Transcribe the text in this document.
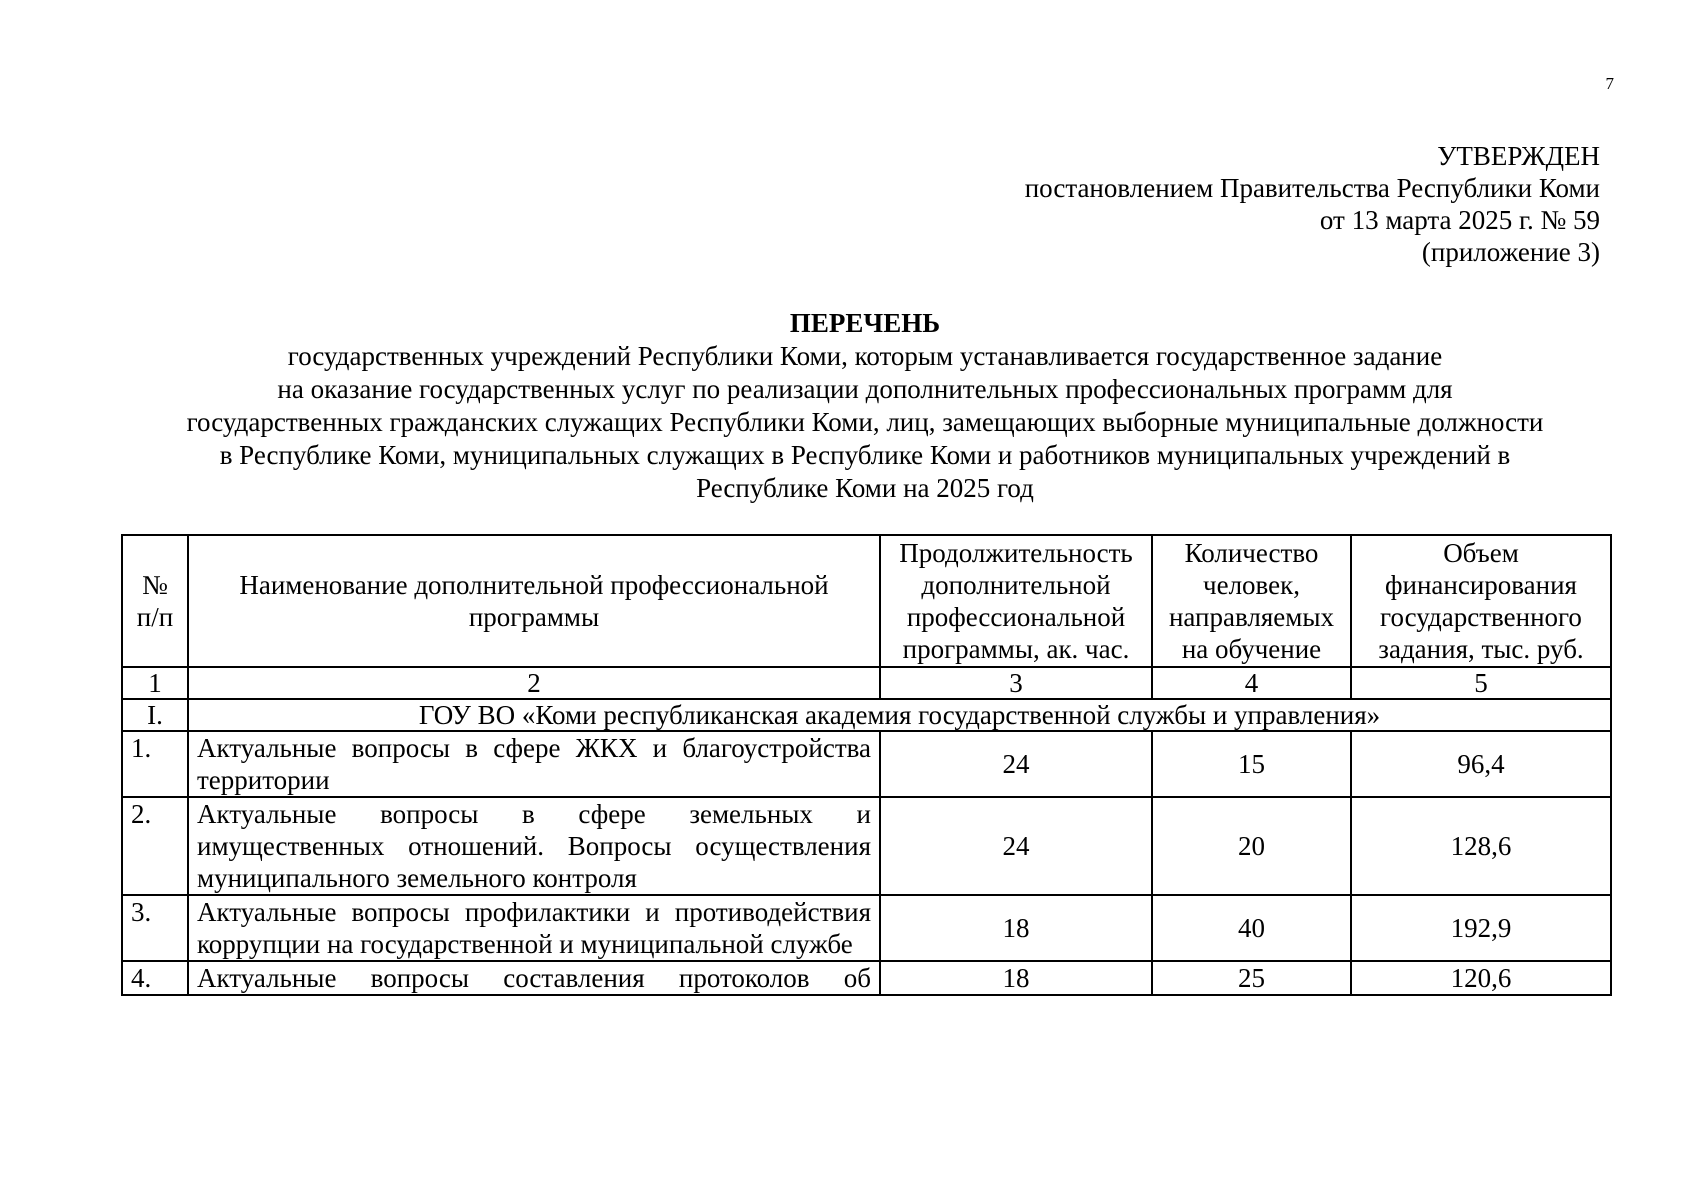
7
УТВЕРЖДЕН
постановлением Правительства Республики Коми
от 13 марта 2025 г. № 59
(приложение 3)
ПЕРЕЧЕНЬ
государственных учреждений Республики Коми, которым устанавливается государственное задание
на оказание государственных услуг по реализации дополнительных профессиональных программ для
государственных гражданских служащих Республики Коми, лиц, замещающих выборные муниципальные должности
в Республике Коми, муниципальных служащих в Республике Коми и работников муниципальных учреждений в
Республике Коми на 2025 год
№ п/п	Наименование дополнительной профессиональной программы	Продолжительность дополнительной профессиональной программы, ак. час.	Количество человек, направляемых на обучение	Объем финансирования государственного задания, тыс. руб.
1	2	3	4	5
I.	ГОУ ВО «Коми республиканская академия государственной службы и управления»			
1.	Актуальные вопросы в сфере ЖКХ и благоустройства территории	24	15	96,4
2.	Актуальные вопросы в сфере земельных и имущественных отношений. Вопросы осуществления муниципального земельного контроля	24	20	128,6
3.	Актуальные вопросы профилактики и противодействия коррупции на государственной и муниципальной службе	18	40	192,9
4.	Актуальные вопросы составления протоколов об	18	25	120,6
